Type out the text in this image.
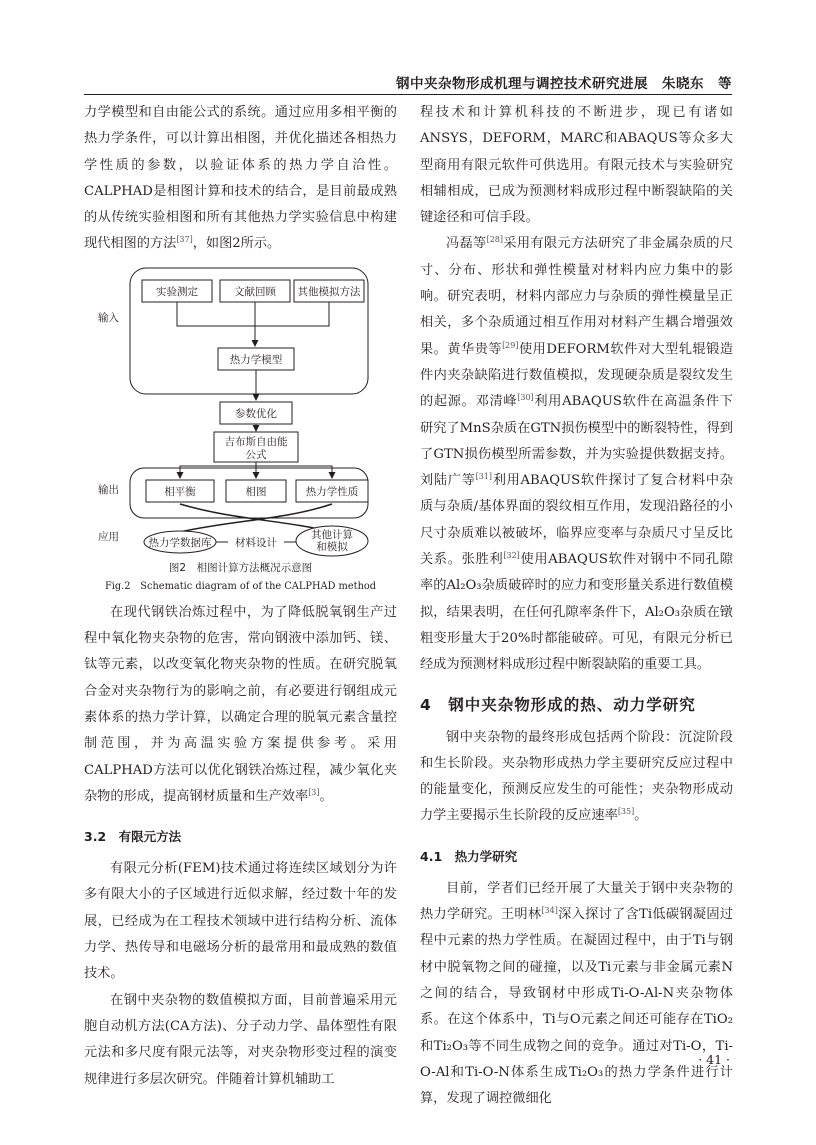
钢中夹杂物形成机理与调控技术研究进展　朱晓东　等

力学模型和自由能公式的系统。通过应用多相平衡的热力学条件，可以计算出相图，并优化描述各相热力学性质的参数，以验证体系的热力学自洽性。CALPHAD是相图计算和技术的结合，是目前最成熟的从传统实验相图和所有其他热力学实验信息中构建现代相图的方法[37]，如图2所示。

输入
输出
应用
实验测定	文献回顾 其他模拟方法
热力学模型
参数优化
吉布斯自由能
公式
相平衡	相图	热力学性质
热力学数据库 材料设计
其他计算
和模拟
图2　相图计算方法概况示意图
Fig.2　Schematic diagram of of the CALPHAD method

在现代钢铁冶炼过程中，为了降低脱氧钢生产过程中氧化物夹杂物的危害，常向钢液中添加钙、镁、钛等元素，以改变氧化物夹杂物的性质。在研究脱氧合金对夹杂物行为的影响之前，有必要进行钢组成元素体系的热力学计算，以确定合理的脱氧元素含量控制范围，并为高温实验方案提供参考。采用CALPHAD方法可以优化钢铁冶炼过程，减少氧化夹杂物的形成，提高钢材质量和生产效率[3]。

3.2　有限元方法

有限元分析(FEM)技术通过将连续区域划分为许多有限大小的子区域进行近似求解，经过数十年的发展，已经成为在工程技术领域中进行结构分析、流体力学、热传导和电磁场分析的最常用和最成熟的数值技术。

在钢中夹杂物的数值模拟方面，目前普遍采用元胞自动机方法(CA方法)、分子动力学、晶体塑性有限元法和多尺度有限元法等，对夹杂物形变过程的演变规律进行多层次研究。伴随着计算机辅助工

程技术和计算机科技的不断进步，现已有诸如ANSYS，DEFORM，MARC和ABAQUS等众多大型商用有限元软件可供选用。有限元技术与实验研究相辅相成，已成为预测材料成形过程中断裂缺陷的关键途径和可信手段。

冯磊等[28]采用有限元方法研究了非金属杂质的尺寸、分布、形状和弹性模量对材料内应力集中的影响。研究表明，材料内部应力与杂质的弹性模量呈正相关，多个杂质通过相互作用对材料产生耦合增强效果。黄华贵等[29]使用DEFORM软件对大型轧辊锻造件内夹杂缺陷进行数值模拟，发现硬杂质是裂纹发生的起源。邓清峰[30]利用ABAQUS软件在高温条件下研究了MnS杂质在GTN损伤模型中的断裂特性，得到了GTN损伤模型所需参数，并为实验提供数据支持。刘陆广等[31]利用ABAQUS软件探讨了复合材料中杂质与杂质/基体界面的裂纹相互作用，发现沿路径的小尺寸杂质难以被破坏，临界应变率与杂质尺寸呈反比关系。张胜利[32]使用ABAQUS软件对钢中不同孔隙率的Al₂O₃杂质破碎时的应力和变形量关系进行数值模拟，结果表明，在任何孔隙率条件下，Al₂O₃杂质在镦粗变形量大于20%时都能破碎。可见，有限元分析已经成为预测材料成形过程中断裂缺陷的重要工具。

4　钢中夹杂物形成的热、动力学研究

钢中夹杂物的最终形成包括两个阶段：沉淀阶段和生长阶段。夹杂物形成热力学主要研究反应过程中的能量变化，预测反应发生的可能性；夹杂物形成动力学主要揭示生长阶段的反应速率[35]。

4.1　热力学研究

目前，学者们已经开展了大量关于钢中夹杂物的热力学研究。王明林[34]深入探讨了含Ti低碳钢凝固过程中元素的热力学性质。在凝固过程中，由于Ti与钢材中脱氧物之间的碰撞，以及Ti元素与非金属元素N之间的结合，导致钢材中形成Ti-O-Al-N夹杂物体系。在这个体系中，Ti与O元素之间还可能存在TiO₂和Ti₂O₃等不同生成物之间的竞争。通过对Ti-O，Ti-O-Al和Ti-O-N体系生成Ti₂O₃的热力学条件进行计算，发现了调控微细化

· 41 ·
